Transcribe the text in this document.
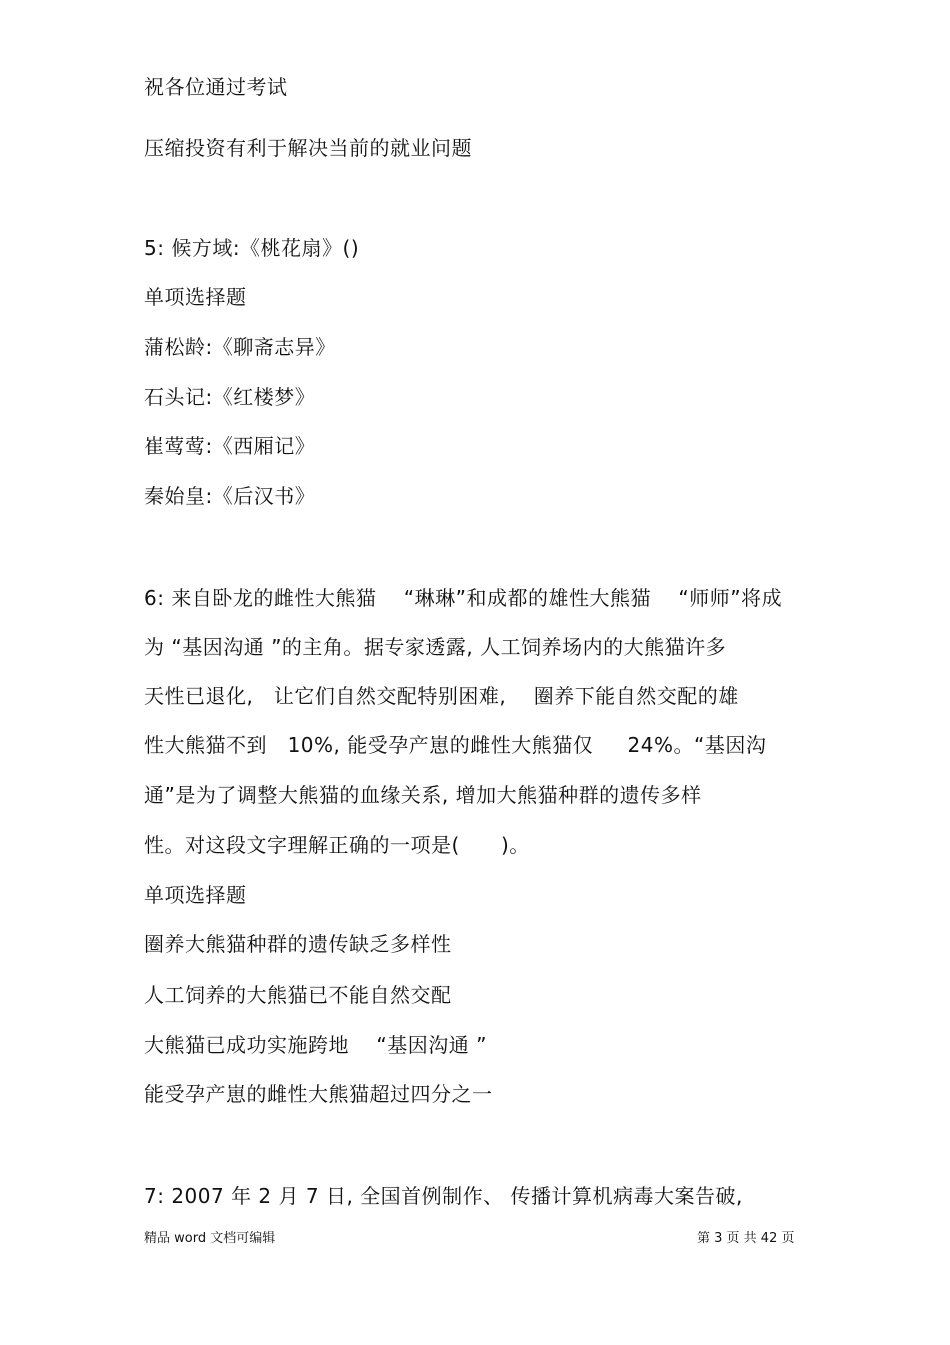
祝各位通过考试
压缩投资有利于解决当前的就业问题
5: 候方域:《桃花扇》()
单项选择题
蒲松龄:《聊斋志异》
石头记:《红楼梦》
崔莺莺:《西厢记》
秦始皇:《后汉书》
6: 来自卧龙的雌性大熊猫    “琳琳”和成都的雄性大熊猫    “师师”将成
为 “基因沟通 ”的主角。据专家透露, 人工饲养场内的大熊猫许多
天性已退化,   让它们自然交配特别困难,    圈养下能自然交配的雄
性大熊猫不到   10%, 能受孕产崽的雌性大熊猫仅     24%。“基因沟
通”是为了调整大熊猫的血缘关系, 增加大熊猫种群的遗传多样
性。对这段文字理解正确的一项是(      )。
单项选择题
圈养大熊猫种群的遗传缺乏多样性
人工饲养的大熊猫已不能自然交配
大熊猫已成功实施跨地    “基因沟通 ”
能受孕产崽的雌性大熊猫超过四分之一
7: 2007 年 2 月 7 日, 全国首例制作、 传播计算机病毒大案告破,
精品 word 文档可编辑	第 3 页 共 42 页
